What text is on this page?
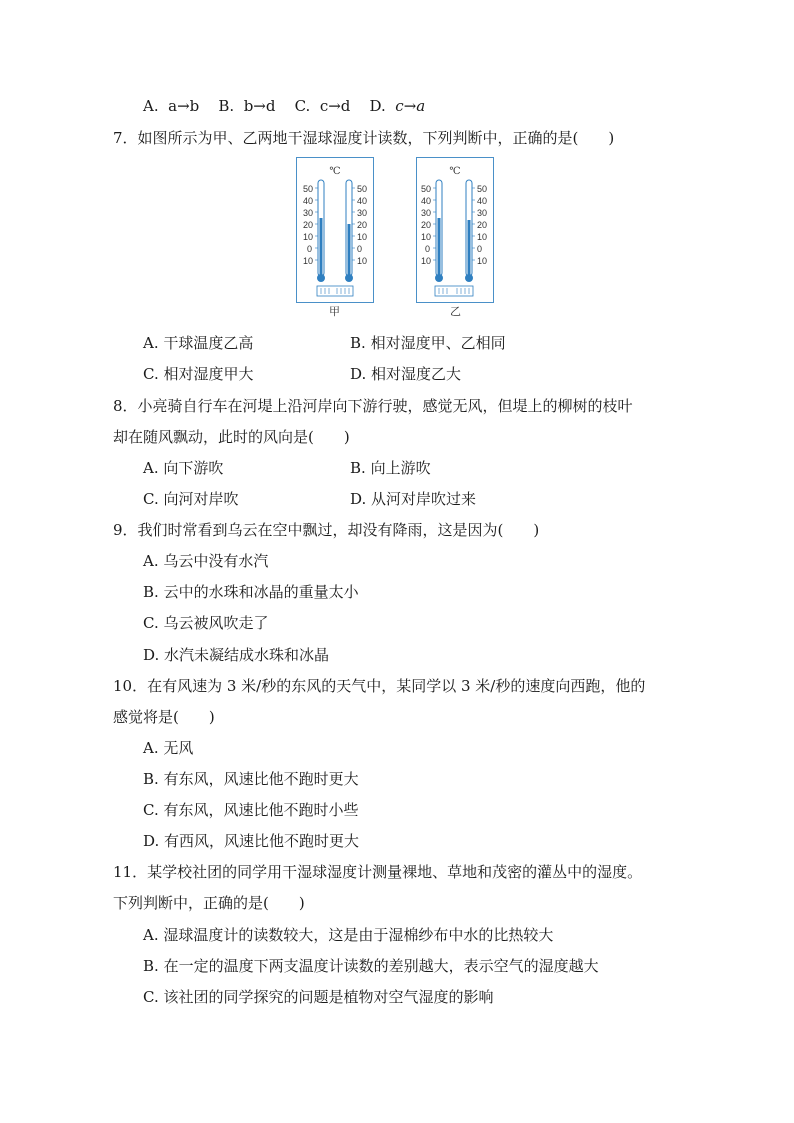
A. a→b B. b→d C. c→d D. c→a
7．如图所示为甲、乙两地干湿球湿度计读数，下列判断中，正确的是(　　)
℃
50
40
30
20
10
0
10
50
40
30
20
10
0
10
甲
℃
50
40
30
20
10
0
10
50
40
30
20
10
0
10
乙
A. 干球温度乙高	B. 相对湿度甲、乙相同
C. 相对湿度甲大	D. 相对湿度乙大
8．小亮骑自行车在河堤上沿河岸向下游行驶，感觉无风，但堤上的柳树的枝叶
却在随风飘动，此时的风向是(　　)
A. 向下游吹	B. 向上游吹
C. 向河对岸吹	D. 从河对岸吹过来
9．我们时常看到乌云在空中飘过，却没有降雨，这是因为(　　)
A. 乌云中没有水汽
B. 云中的水珠和冰晶的重量太小
C. 乌云被风吹走了
D. 水汽未凝结成水珠和冰晶
10．在有风速为 3 米/秒的东风的天气中，某同学以 3 米/秒的速度向西跑，他的
感觉将是(　　)
A. 无风
B. 有东风，风速比他不跑时更大
C. 有东风，风速比他不跑时小些
D. 有西风，风速比他不跑时更大
11．某学校社团的同学用干湿球湿度计测量裸地、草地和茂密的灌丛中的湿度。
下列判断中，正确的是(　　)
A. 湿球温度计的读数较大，这是由于湿棉纱布中水的比热较大
B. 在一定的温度下两支温度计读数的差别越大，表示空气的湿度越大
C. 该社团的同学探究的问题是植物对空气湿度的影响
